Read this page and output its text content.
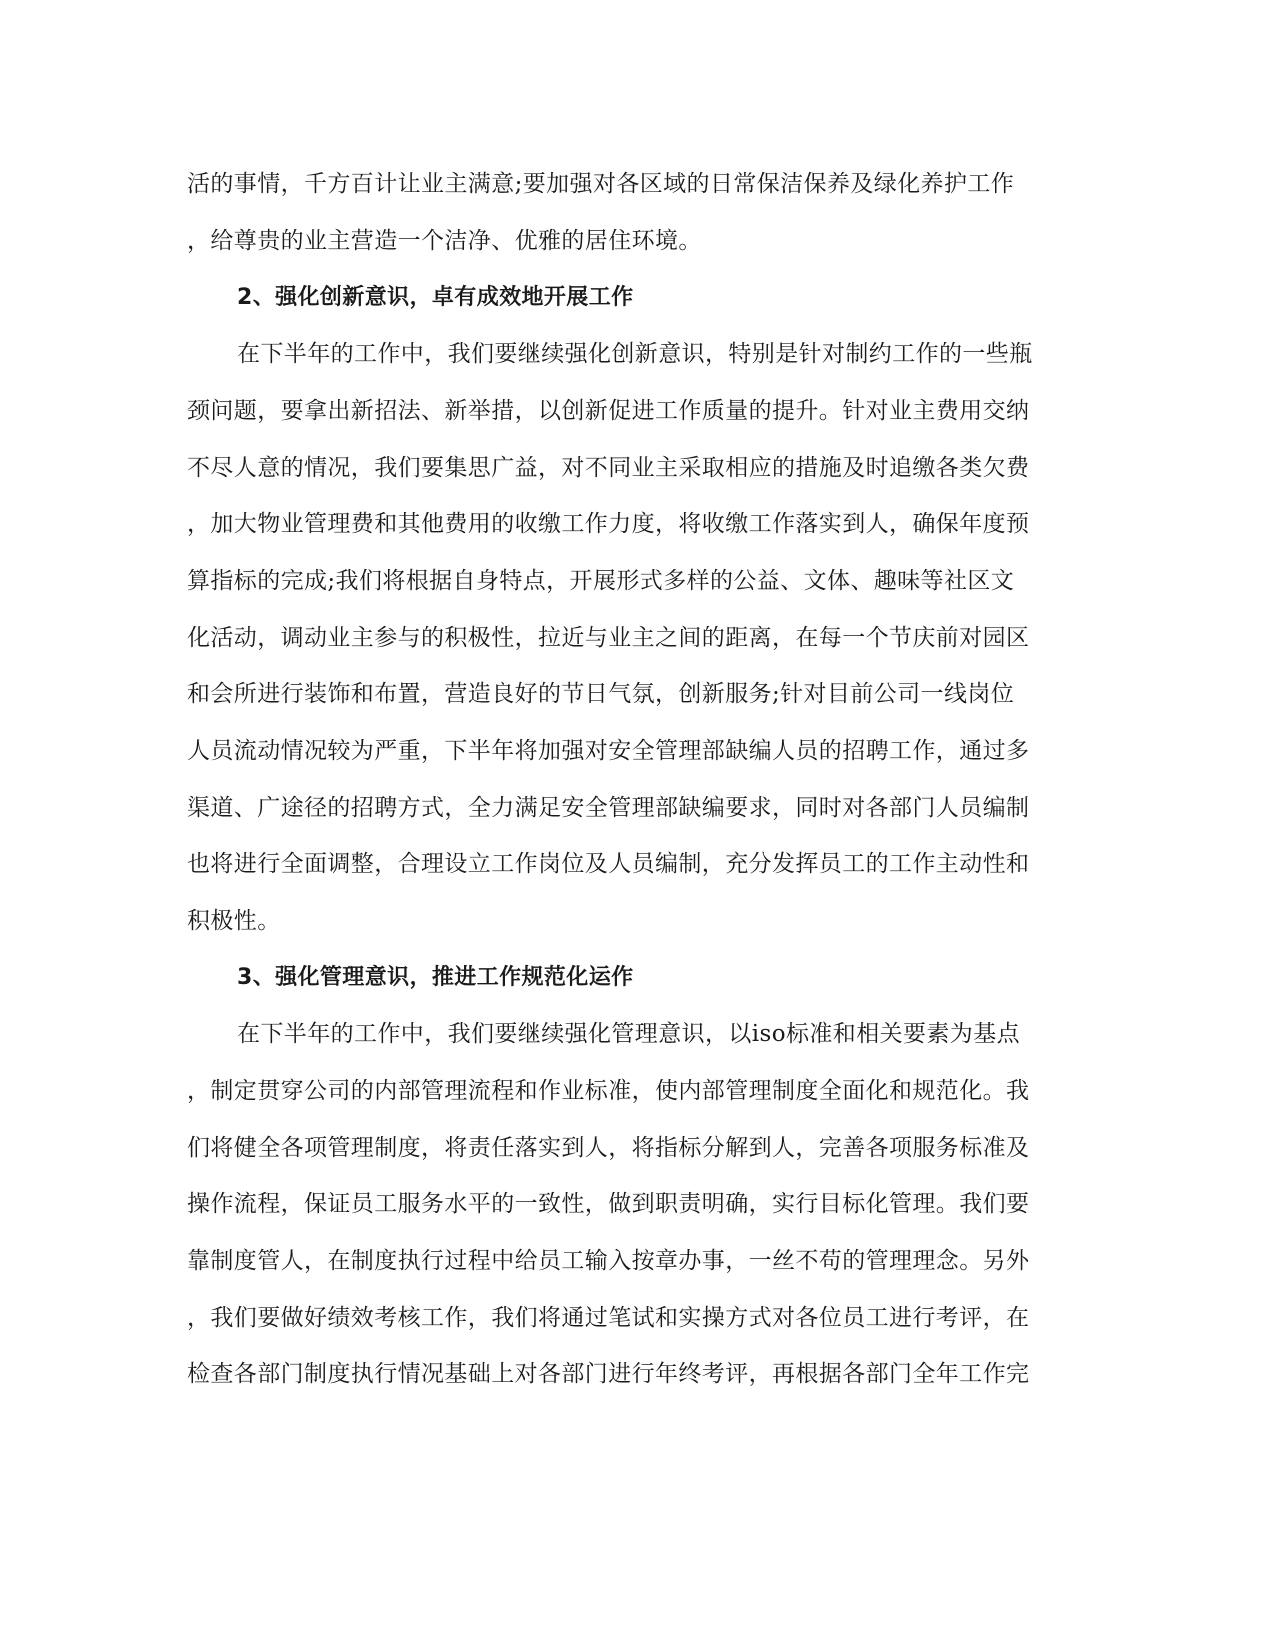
活的事情，千方百计让业主满意;要加强对各区域的日常保洁保养及绿化养护工作
，给尊贵的业主营造一个洁净、优雅的居住环境。
2、强化创新意识，卓有成效地开展工作
在下半年的工作中，我们要继续强化创新意识，特别是针对制约工作的一些瓶
颈问题，要拿出新招法、新举措，以创新促进工作质量的提升。针对业主费用交纳
不尽人意的情况，我们要集思广益，对不同业主采取相应的措施及时追缴各类欠费
，加大物业管理费和其他费用的收缴工作力度，将收缴工作落实到人，确保年度预
算指标的完成;我们将根据自身特点，开展形式多样的公益、文体、趣味等社区文
化活动，调动业主参与的积极性，拉近与业主之间的距离，在每一个节庆前对园区
和会所进行装饰和布置，营造良好的节日气氛，创新服务;针对目前公司一线岗位
人员流动情况较为严重，下半年将加强对安全管理部缺编人员的招聘工作，通过多
渠道、广途径的招聘方式，全力满足安全管理部缺编要求，同时对各部门人员编制
也将进行全面调整，合理设立工作岗位及人员编制，充分发挥员工的工作主动性和
积极性。
3、强化管理意识，推进工作规范化运作
在下半年的工作中，我们要继续强化管理意识，以iso标准和相关要素为基点
，制定贯穿公司的内部管理流程和作业标准，使内部管理制度全面化和规范化。我
们将健全各项管理制度，将责任落实到人，将指标分解到人，完善各项服务标准及
操作流程，保证员工服务水平的一致性，做到职责明确，实行目标化管理。我们要
靠制度管人，在制度执行过程中给员工输入按章办事，一丝不苟的管理理念。另外
，我们要做好绩效考核工作，我们将通过笔试和实操方式对各位员工进行考评，在
检查各部门制度执行情况基础上对各部门进行年终考评，再根据各部门全年工作完
